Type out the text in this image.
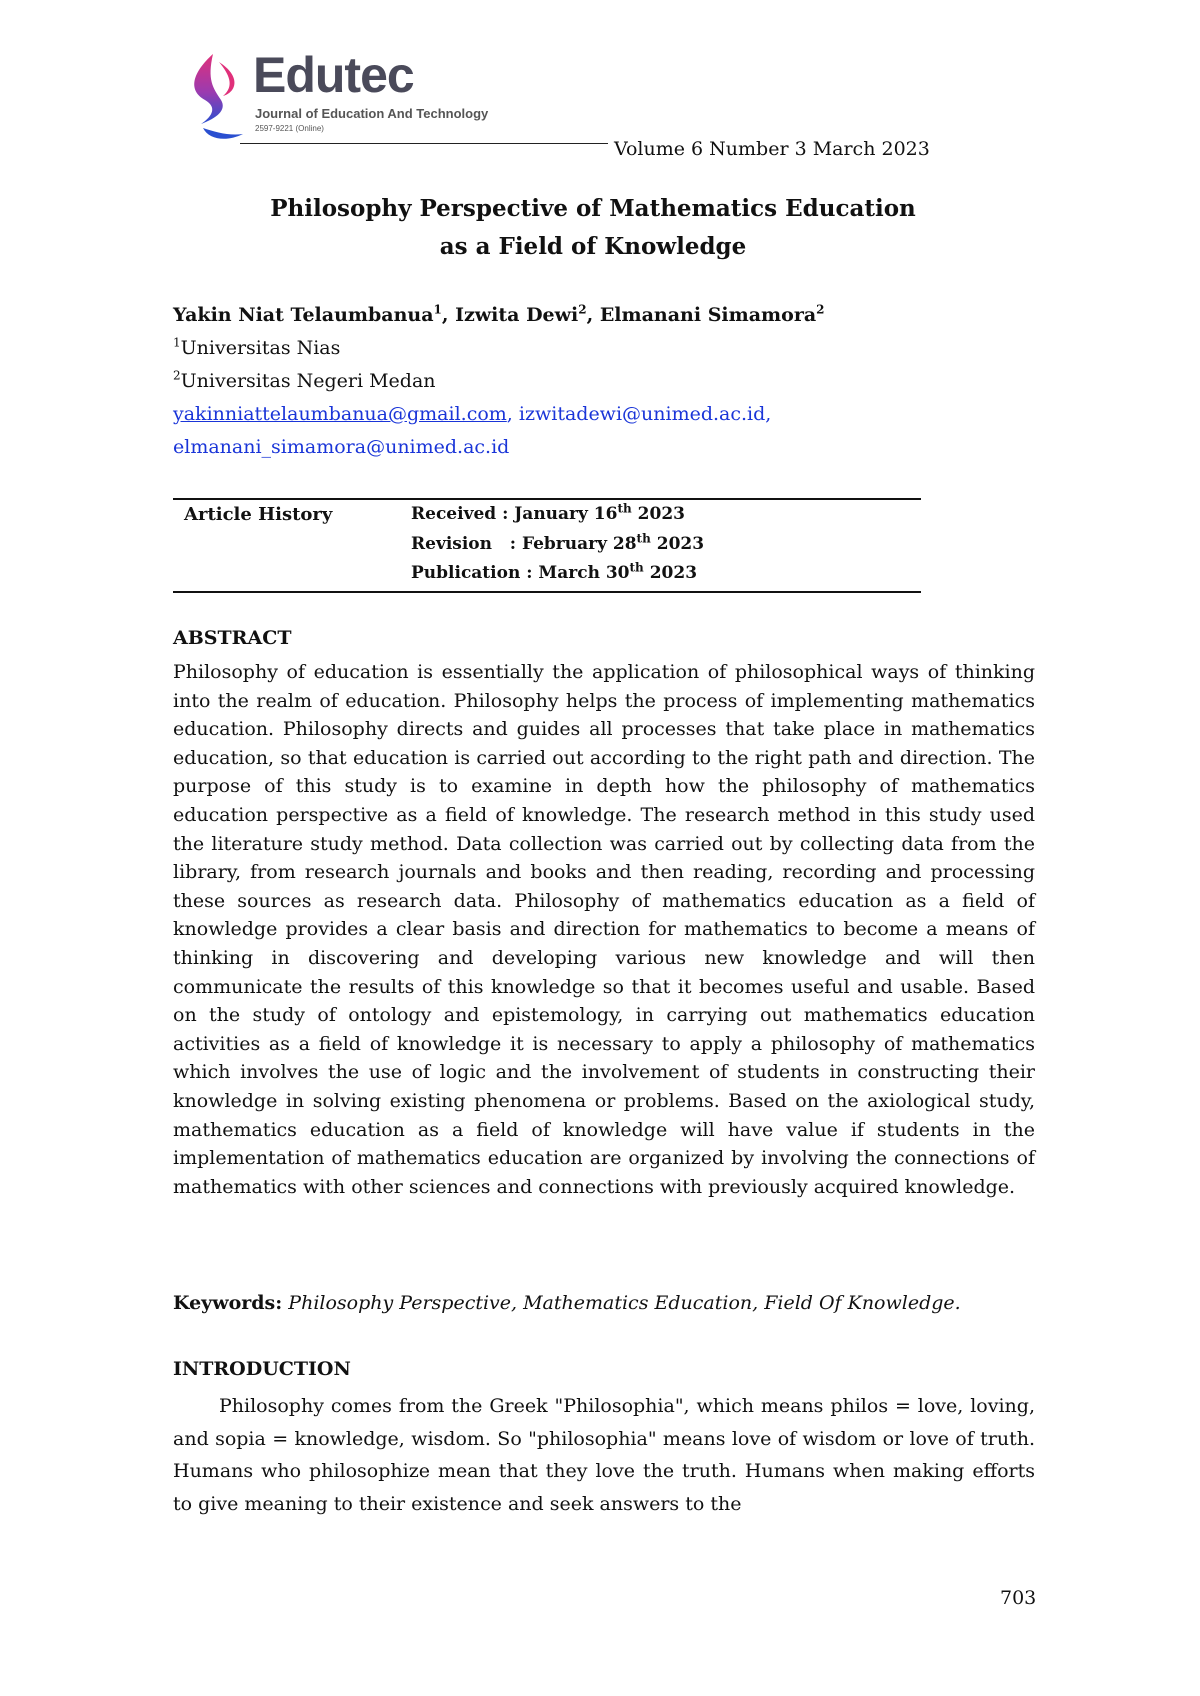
Edutec
Journal of Education And Technology
2597-9221 (Online)
Volume 6 Number 3 March 2023
Philosophy Perspective of Mathematics Education
as a Field of Knowledge
Yakin Niat Telaumbanua$^1$, Izwita Dewi$^2$, Elmanani Simamora$^2$
$^1$Universitas Nias
$^2$Universitas Negeri Medan
yakinniattelaumbanua@gmail.com, izwitadewi@unimed.ac.id,
elmanani_simamora@unimed.ac.id
Article History	Received : January 16th 2023
Revision   : February 28th 2023
Publication : March 30th 2023
ABSTRACT
Philosophy of education is essentially the application of philosophical ways of thinking into the realm of education. Philosophy helps the process of implementing mathematics education. Philosophy directs and guides all processes that take place in mathematics education, so that education is carried out according to the right path and direction. The purpose of this study is to examine in depth how the philosophy of mathematics education perspective as a field of knowledge. The research method in this study used the literature study method. Data collection was carried out by collecting data from the library, from research journals and books and then reading, recording and processing these sources as research data. Philosophy of mathematics education as a field of knowledge provides a clear basis and direction for mathematics to become a means of thinking in discovering and developing various new knowledge and will then communicate the results of this knowledge so that it becomes useful and usable. Based on the study of ontology and epistemology, in carrying out mathematics education activities as a field of knowledge it is necessary to apply a philosophy of mathematics which involves the use of logic and the involvement of students in constructing their knowledge in solving existing phenomena or problems. Based on the axiological study, mathematics education as a field of knowledge will have value if students in the implementation of mathematics education are organized by involving the connections of mathematics with other sciences and connections with previously acquired knowledge.
Keywords: Philosophy Perspective, Mathematics Education, Field Of Knowledge.
INTRODUCTION
Philosophy comes from the Greek "Philosophia", which means philos = love, loving, and sopia = knowledge, wisdom. So "philosophia" means love of wisdom or love of truth. Humans who philosophize mean that they love the truth. Humans when making efforts to give meaning to their existence and seek answers to the
703
